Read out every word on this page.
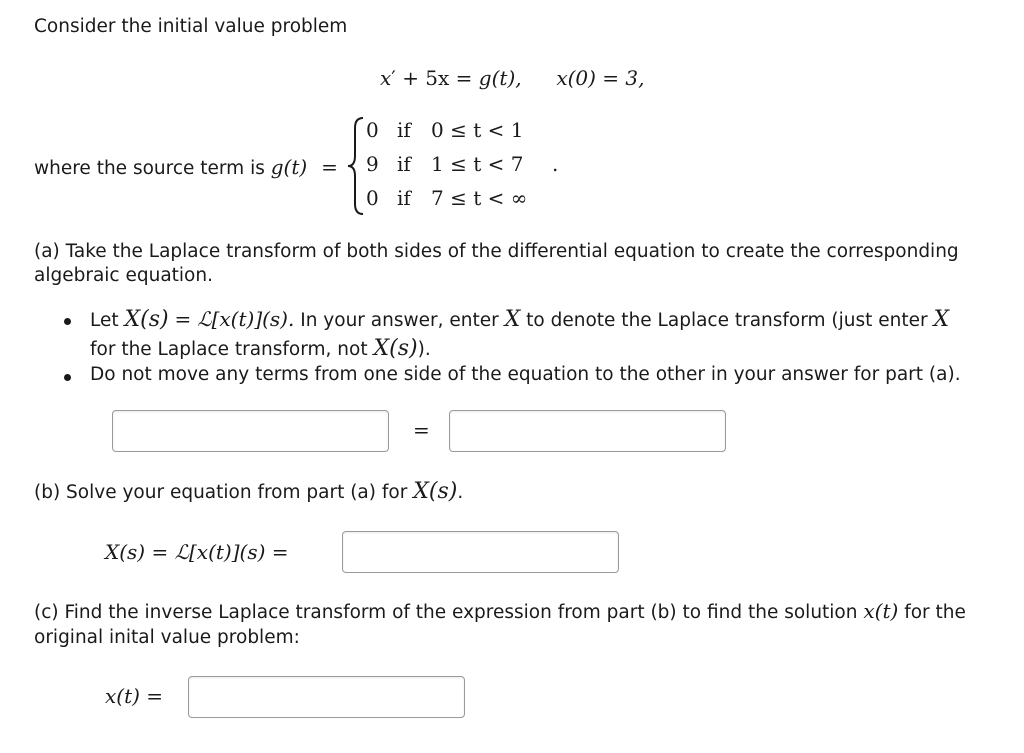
Consider the initial value problem
x′ + 5x = g(t), x(0) = 3,
where the source term is g(t) =
0 if 0 ≤ t < 1
9 if 1 ≤ t < 7 .
0 if 7 ≤ t < ∞
(a) Take the Laplace transform of both sides of the differential equation to create the corresponding
algebraic equation.
Let X(s) = ℒ[x(t)](s). In your answer, enter X to denote the Laplace transform (just enter X
for the Laplace transform, not X(s)).
Do not move any terms from one side of the equation to the other in your answer for part (a).
=
(b) Solve your equation from part (a) for X(s).
X(s) = ℒ[x(t)](s) =
(c) Find the inverse Laplace transform of the expression from part (b) to find the solution x(t) for the
original inital value problem:
x(t) =
